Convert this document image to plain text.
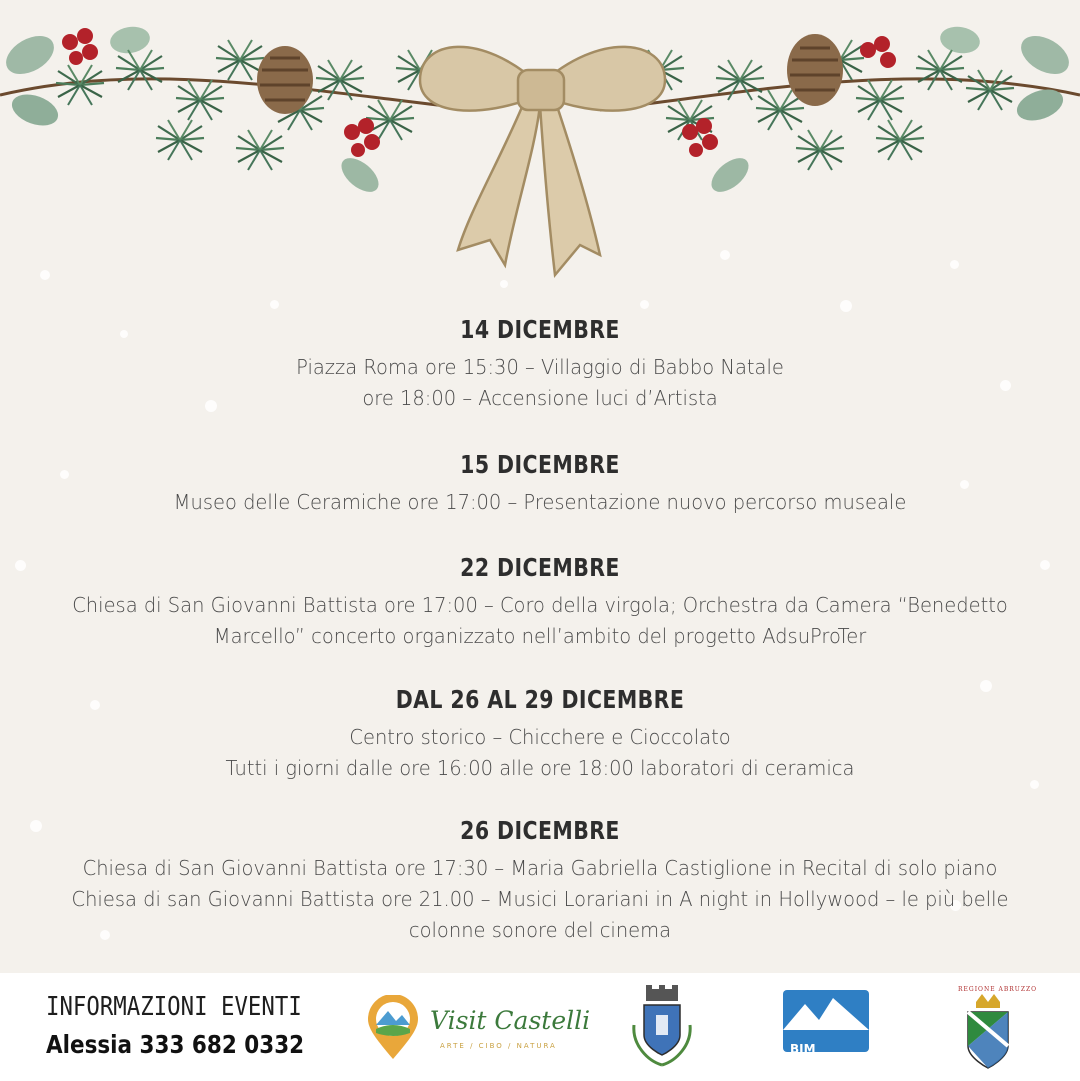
14 DICEMBRE
Piazza Roma ore 15:30 – Villaggio di Babbo Natale
ore 18:00 – Accensione luci d’Artista
15 DICEMBRE
Museo delle Ceramiche ore 17:00 – Presentazione nuovo percorso museale
22 DICEMBRE
Chiesa di San Giovanni Battista ore 17:00 – Coro della virgola; Orchestra da Camera “Benedetto
Marcello” concerto organizzato nell’ambito del progetto AdsuProTer
DAL 26 AL 29 DICEMBRE
Centro storico – Chicchere e Cioccolato
Tutti i giorni dalle ore 16:00 alle ore 18:00 laboratori di ceramica
26 DICEMBRE
Chiesa di San Giovanni Battista ore 17:30 – Maria Gabriella Castiglione in Recital di solo piano
Chiesa di san Giovanni Battista ore 21.00 – Musici Lorariani in A night in Hollywood – le più belle
colonne sonore del cinema
INFORMAZIONI EVENTI
Alessia 333 682 0332
Visit Castelli
ARTE / CIBO / NATURA	BIM
REGIONE ABRUZZO
